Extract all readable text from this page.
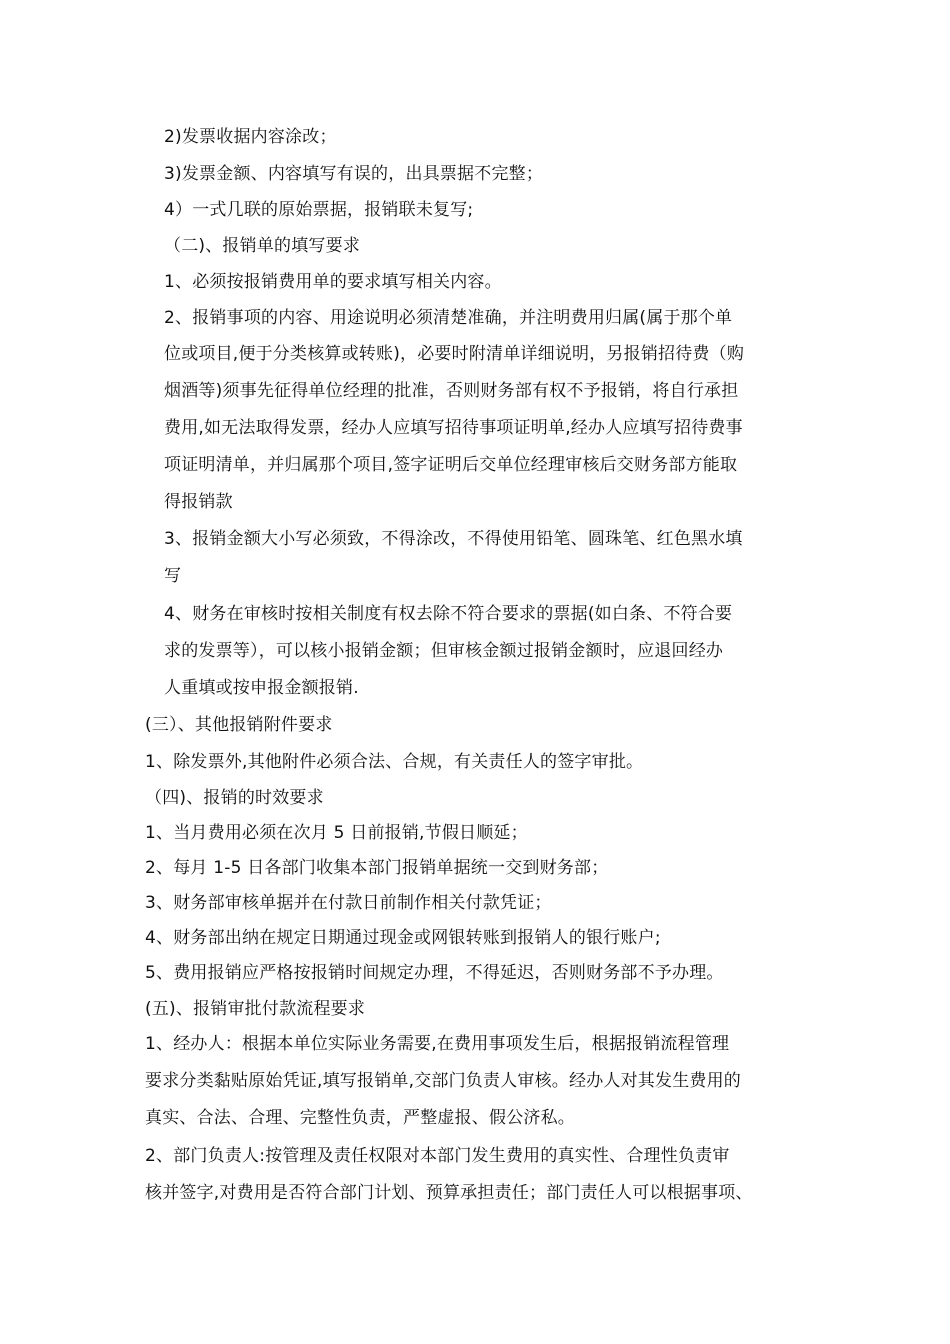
2)发票收据内容涂改；
3)发票金额、内容填写有误的，出具票据不完整；
4）一式几联的原始票据，报销联未复写;
（二)、报销单的填写要求
1、必须按报销费用单的要求填写相关内容。
2、报销事项的内容、用途说明必须清楚准确，并注明费用归属(属于那个单
位或项目,便于分类核算或转账)，必要时附清单详细说明，另报销招待费（购
烟酒等)须事先征得单位经理的批准，否则财务部有权不予报销，将自行承担
费用,如无法取得发票，经办人应填写招待事项证明单,经办人应填写招待费事
项证明清单，并归属那个项目,签字证明后交单位经理审核后交财务部方能取
得报销款
3、报销金额大小写必须致，不得涂改，不得使用铅笔、圆珠笔、红色黑水填
写
4、财务在审核时按相关制度有权去除不符合要求的票据(如白条、不符合要
求的发票等），可以核小报销金额；但审核金额过报销金额时，应退回经办
人重填或按申报金额报销.
(三）、其他报销附件要求
1、除发票外,其他附件必须合法、合规，有关责任人的签字审批。
（四)、报销的时效要求
1、当月费用必须在次月 5 日前报销,节假日顺延；
2、每月 1-5 日各部门收集本部门报销单据统一交到财务部；
3、财务部审核单据并在付款日前制作相关付款凭证；
4、财务部出纳在规定日期通过现金或网银转账到报销人的银行账户;
5、费用报销应严格按报销时间规定办理，不得延迟，否则财务部不予办理。
(五)、报销审批付款流程要求
1、经办人：根据本单位实际业务需要,在费用事项发生后，根据报销流程管理
要求分类黏贴原始凭证,填写报销单,交部门负责人审核。经办人对其发生费用的
真实、合法、合理、完整性负责，严整虚报、假公济私。
2、部门负责人:按管理及责任权限对本部门发生费用的真实性、合理性负责审
核并签字,对费用是否符合部门计划、预算承担责任；部门责任人可以根据事项、
